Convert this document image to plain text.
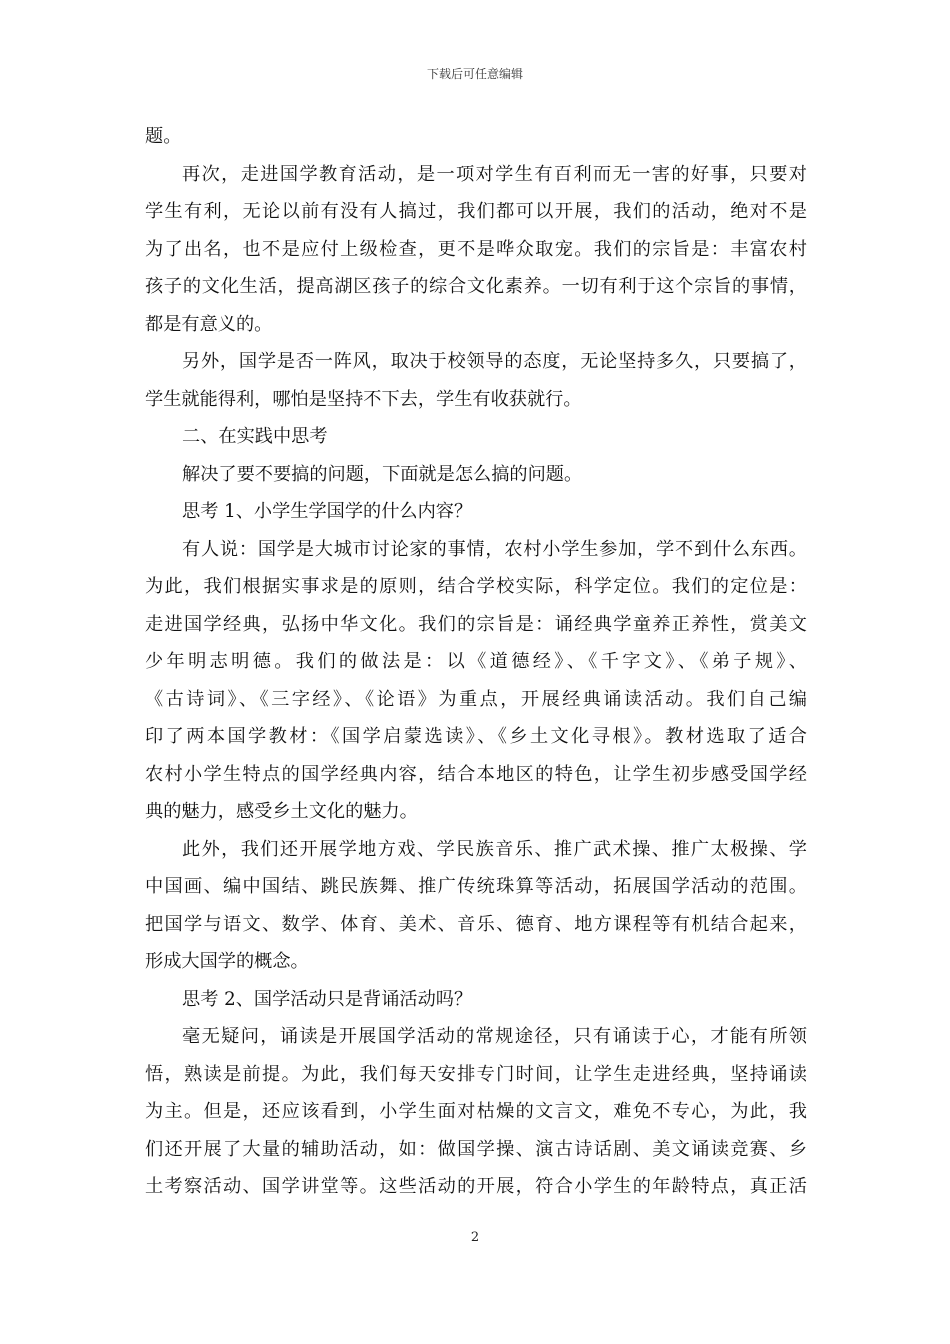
下载后可任意编辑
题。
再次，走进国学教育活动，是一项对学生有百利而无一害的好事，只要对
学生有利，无论以前有没有人搞过，我们都可以开展，我们的活动，绝对不是
为了出名，也不是应付上级检查，更不是哗众取宠。我们的宗旨是：丰富农村
孩子的文化生活，提高湖区孩子的综合文化素养。一切有利于这个宗旨的事情，
都是有意义的。
另外，国学是否一阵风，取决于校领导的态度，无论坚持多久，只要搞了，
学生就能得利，哪怕是坚持不下去，学生有收获就行。
二、在实践中思考
解决了要不要搞的问题，下面就是怎么搞的问题。
思考 1、小学生学国学的什么内容？
有人说：国学是大城市讨论家的事情，农村小学生参加，学不到什么东西。
为此，我们根据实事求是的原则，结合学校实际，科学定位。我们的定位是：
走进国学经典，弘扬中华文化。我们的宗旨是：诵经典学童养正养性，赏美文
少年明志明德。我们的做法是：以《道德经》、《千字文》、《弟子规》、
《古诗词》、《三字经》、《论语》为重点，开展经典诵读活动。我们自己编
印了两本国学教材：《国学启蒙选读》、《乡土文化寻根》。教材选取了适合
农村小学生特点的国学经典内容，结合本地区的特色，让学生初步感受国学经
典的魅力，感受乡土文化的魅力。
此外，我们还开展学地方戏、学民族音乐、推广武术操、推广太极操、学
中国画、编中国结、跳民族舞、推广传统珠算等活动，拓展国学活动的范围。
把国学与语文、数学、体育、美术、音乐、德育、地方课程等有机结合起来，
形成大国学的概念。
思考 2、国学活动只是背诵活动吗？
毫无疑问，诵读是开展国学活动的常规途径，只有诵读于心，才能有所领
悟，熟读是前提。为此，我们每天安排专门时间，让学生走进经典，坚持诵读
为主。但是，还应该看到，小学生面对枯燥的文言文，难免不专心，为此，我
们还开展了大量的辅助活动，如：做国学操、演古诗话剧、美文诵读竞赛、乡
土考察活动、国学讲堂等。这些活动的开展，符合小学生的年龄特点，真正活
2
